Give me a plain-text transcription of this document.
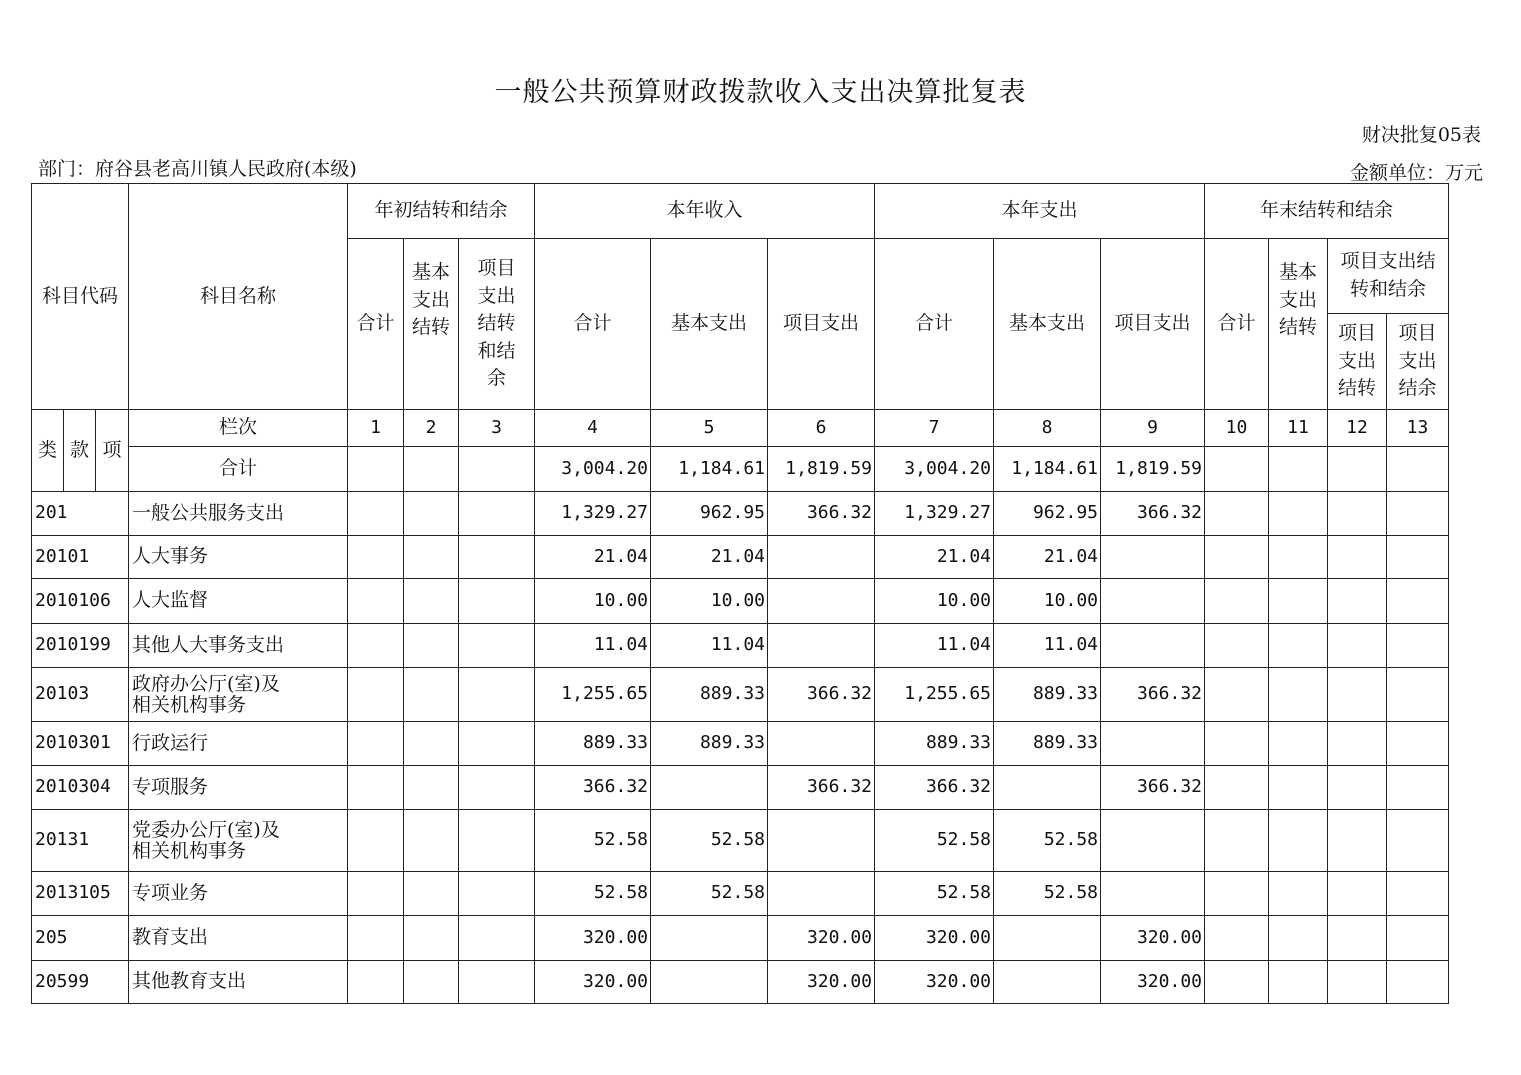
一般公共预算财政拨款收入支出决算批复表
财决批复05表
部门：府谷县老高川镇人民政府(本级)	金额单位：万元
科目代码			科目名称	年初结转和结余			本年收入			本年支出			年末结转和结余			
				合计	基本支出结转	项目支出结转和结余	合计	基本支出	项目支出	合计	基本支出	项目支出	合计	基本支出结转	项目支出结转和结余	

															项目支出结转	项目支出结余

类	款	项	栏次	1	2	3	4	5	6	7	8	9	10	11	12	13
			合计				3,004.20	1,184.61	1,819.59	3,004.20	1,184.61	1,819.59				
201			一般公共服务支出				1,329.27	962.95	366.32	1,329.27	962.95	366.32				
20101			人大事务				21.04	21.04		21.04	21.04					
2010106			人大监督				10.00	10.00		10.00	10.00					
2010199			其他人大事务支出				11.04	11.04		11.04	11.04					
20103			政府办公厅(室)及
相关机构事务				1,255.65	889.33	366.32	1,255.65	889.33	366.32				
2010301			行政运行				889.33	889.33		889.33	889.33					
2010304			专项服务				366.32		366.32	366.32		366.32				
20131			党委办公厅(室)及
相关机构事务				52.58	52.58		52.58	52.58					
2013105			专项业务				52.58	52.58		52.58	52.58					
205			教育支出				320.00		320.00	320.00		320.00				
20599			其他教育支出				320.00		320.00	320.00		320.00				
